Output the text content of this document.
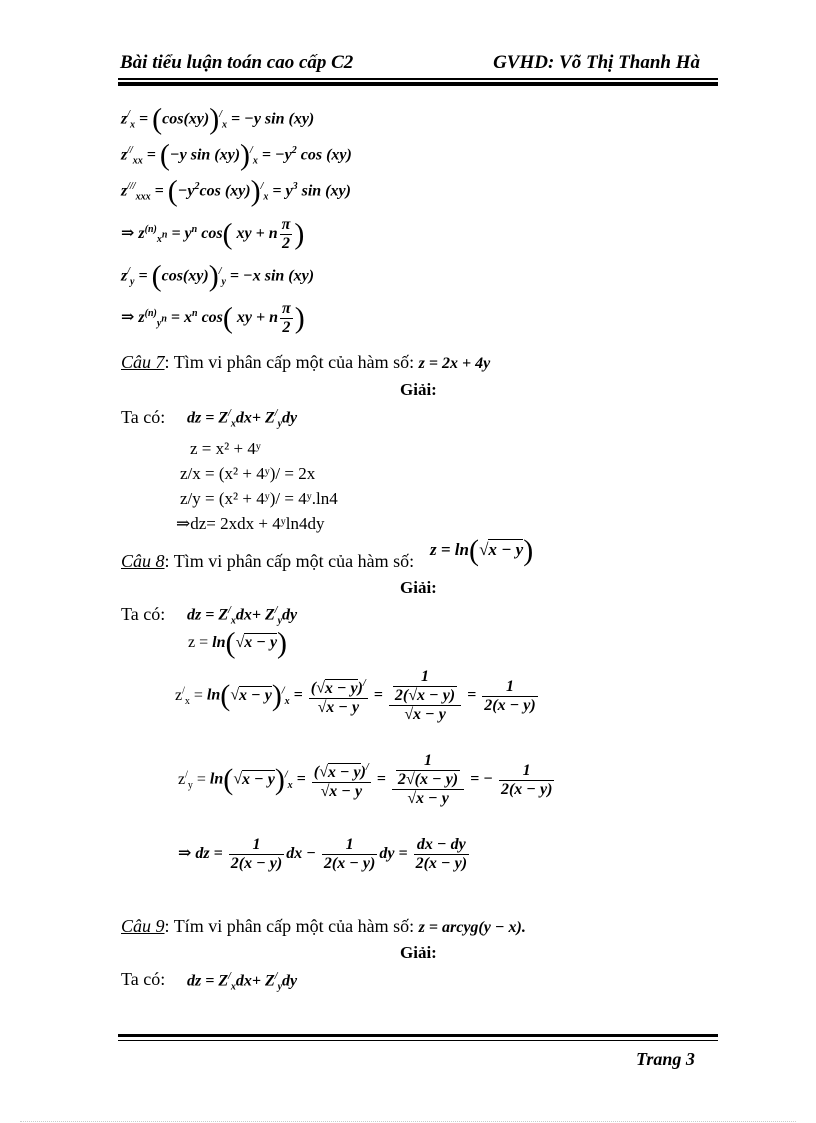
Bài tiểu luận toán cao cấp C2	GVHD: Võ Thị Thanh Hà
$z^/_x = (\cos(xy))^/_x = -y$ sin (xy)
$z^{//}_{xx} = (-y$ $\sin (xy))^/_x = -y^2$ cos (xy)
$z^{///}_{xxx} = (-y^2\cos$ $(xy))^/_x = y^3$ sin (xy)
⇒ $z^{(n)}_{x^n} = y^n$ cos( xy + n $\frac{\pi}{2}$ )
$z^/_y = (\cos(xy))^/_y = -x$ sin (xy)
⇒ $z^{(n)}_{y^n} = x^n$ cos( xy + n $\frac{\pi}{2}$ )
Câu 7: Tìm vi phân cấp một của hàm số: z = 2x + 4y
Giải:
Ta có: dz = $Z^/_xdx+ Z^/_ydy$
z = x² + 4ʸ
z/x = (x² + 4ʸ)/ = 2x
z/y = (x² + 4ʸ)/ = 4ʸ.ln4
⇒dz= 2xdx + 4ʸln4dy
Câu 8: Tìm vi phân cấp một của hàm số:
z = ln(√x − y)
Giải:
Ta có: dz = $Z^/_xdx+ Z^/_ydy$
z = ln(√x − y)
$z^/_x = \ln(√x - y)^/_x = \frac{(√x - y)^/}{√x - y} = \frac{\frac{1}{2(√x - y)}}{√x - y} = \frac{1}{2(x - y)}$
$z^/_y = \ln(√x - y)^/_x = \frac{(√x - y)^/}{√x - y} = \frac{\frac{1}{2√(x - y)}}{√x - y}$ = − $\frac{1}{2(x - y)}$
⇒ dz = $\frac{1}{2(x - y)}$ dx − $\frac{1}{2(x - y)}$ dy = $\frac{dx - dy}{2(x - y)}$
Câu 9: Tím vi phân cấp một của hàm số: z = arcyg(y − x).
Giải:
Ta có: dz = $Z^/_xdx+ Z^/_ydy$
Trang 3
